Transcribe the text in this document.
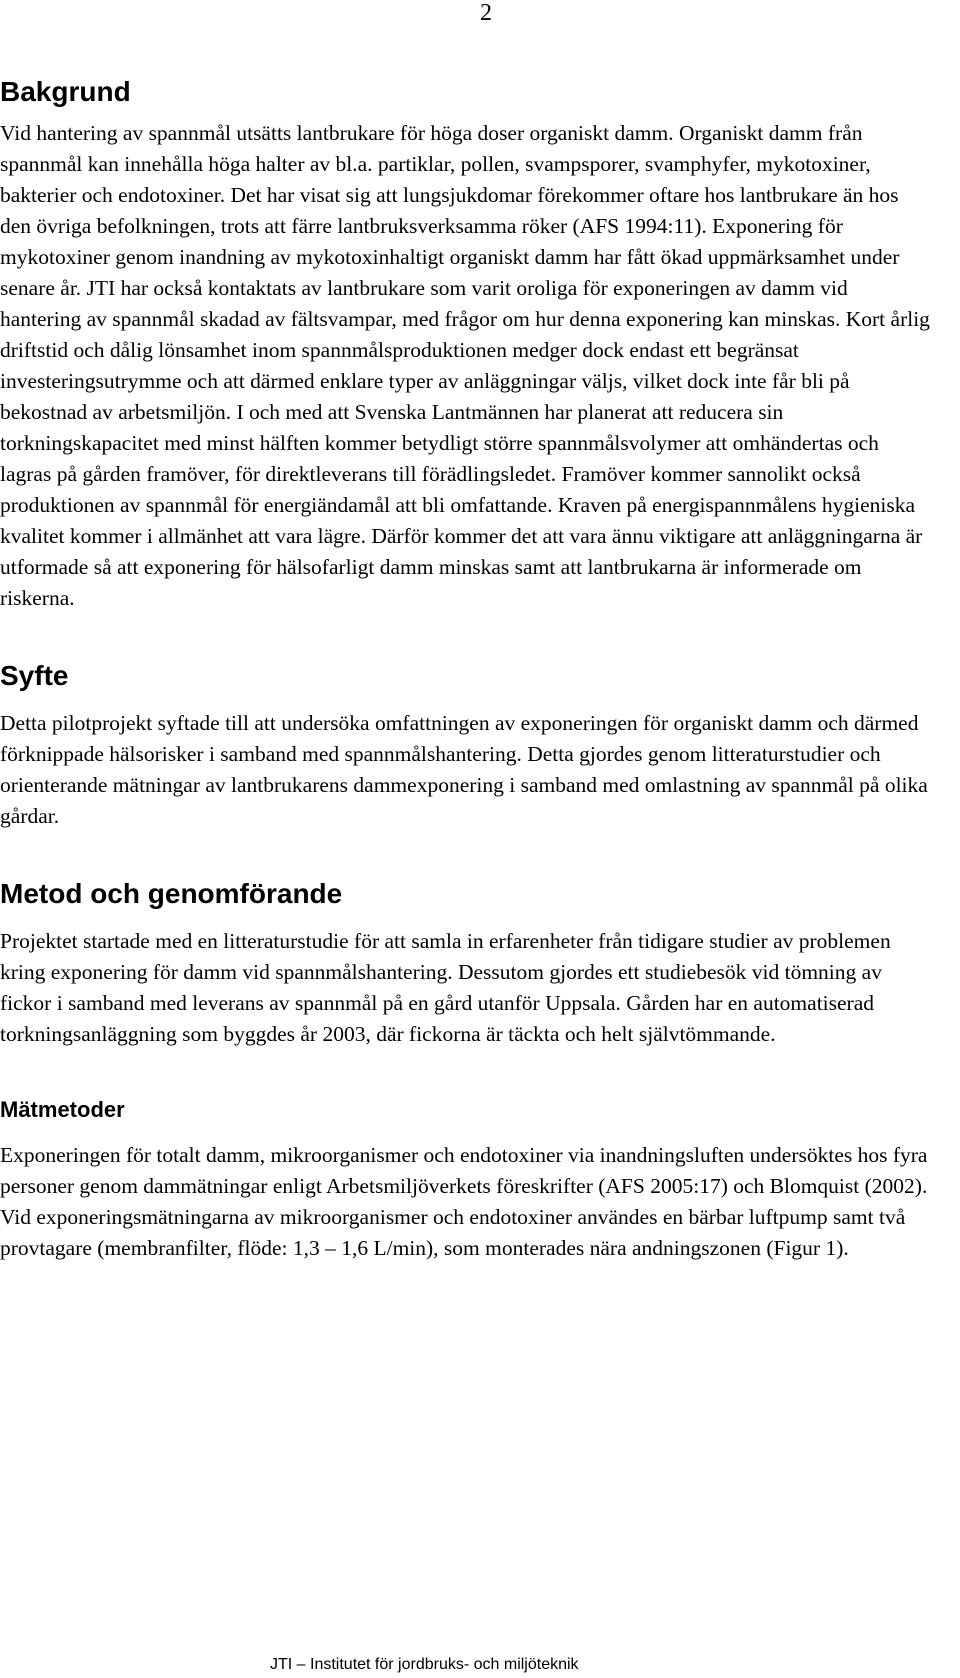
2
Bakgrund

Vid hantering av spannmål utsätts lantbrukare för höga doser organiskt damm. Organiskt damm från spannmål kan innehålla höga halter av bl.a. partiklar, pollen, svampsporer, svamphyfer, mykotoxiner, bakterier och endotoxiner. Det har visat sig att lungsjukdomar förekommer oftare hos lantbrukare än hos den övriga befolkningen, trots att färre lantbruksverksamma röker (AFS 1994:11). Exponering för mykotoxiner genom inandning av mykotoxinhaltigt organiskt damm har fått ökad uppmärksamhet under senare år. JTI har också kontaktats av lantbrukare som varit oroliga för exponeringen av damm vid hantering av spannmål skadad av fältsvampar, med frågor om hur denna exponering kan minskas. Kort årlig driftstid och dålig lönsamhet inom spannmålsproduktionen medger dock endast ett begränsat investeringsutrymme och att därmed enklare typer av anläggningar väljs, vilket dock inte får bli på bekostnad av arbetsmiljön. I och med att Svenska Lantmännen har planerat att reducera sin torkningskapacitet med minst hälften kommer betydligt större spannmålsvolymer att omhändertas och lagras på gården framöver, för direktleverans till förädlingsledet. Framöver kommer sannolikt också produktionen av spannmål för energiändamål att bli omfattande. Kraven på energispannmålens hygieniska kvalitet kommer i allmänhet att vara lägre. Därför kommer det att vara ännu viktigare att anläggningarna är utformade så att exponering för hälsofarligt damm minskas samt att lantbrukarna är informerade om riskerna.

Syfte

Detta pilotprojekt syftade till att undersöka omfattningen av exponeringen för organiskt damm och därmed förknippade hälsorisker i samband med spannmålshantering. Detta gjordes genom litteraturstudier och orienterande mätningar av lantbrukarens dammexponering i samband med omlastning av spannmål på olika gårdar.

Metod och genomförande

Projektet startade med en litteraturstudie för att samla in erfarenheter från tidigare studier av problemen kring exponering för damm vid spannmålshantering. Dessutom gjordes ett studiebesök vid tömning av fickor i samband med leverans av spannmål på en gård utanför Uppsala. Gården har en automatiserad torkningsanläggning som byggdes år 2003, där fickorna är täckta och helt självtömmande.

Mätmetoder

Exponeringen för totalt damm, mikroorganismer och endotoxiner via inandningsluften undersöktes hos fyra personer genom dammätningar enligt Arbetsmiljöverkets föreskrifter (AFS 2005:17) och Blomquist (2002). Vid exponeringsmätningarna av mikroorganismer och endotoxiner användes en bärbar luftpump samt två provtagare (membranfilter, flöde: 1,3 – 1,6 L/min), som monterades nära andningszonen (Figur 1).

JTI – Institutet för jordbruks- och miljöteknik
